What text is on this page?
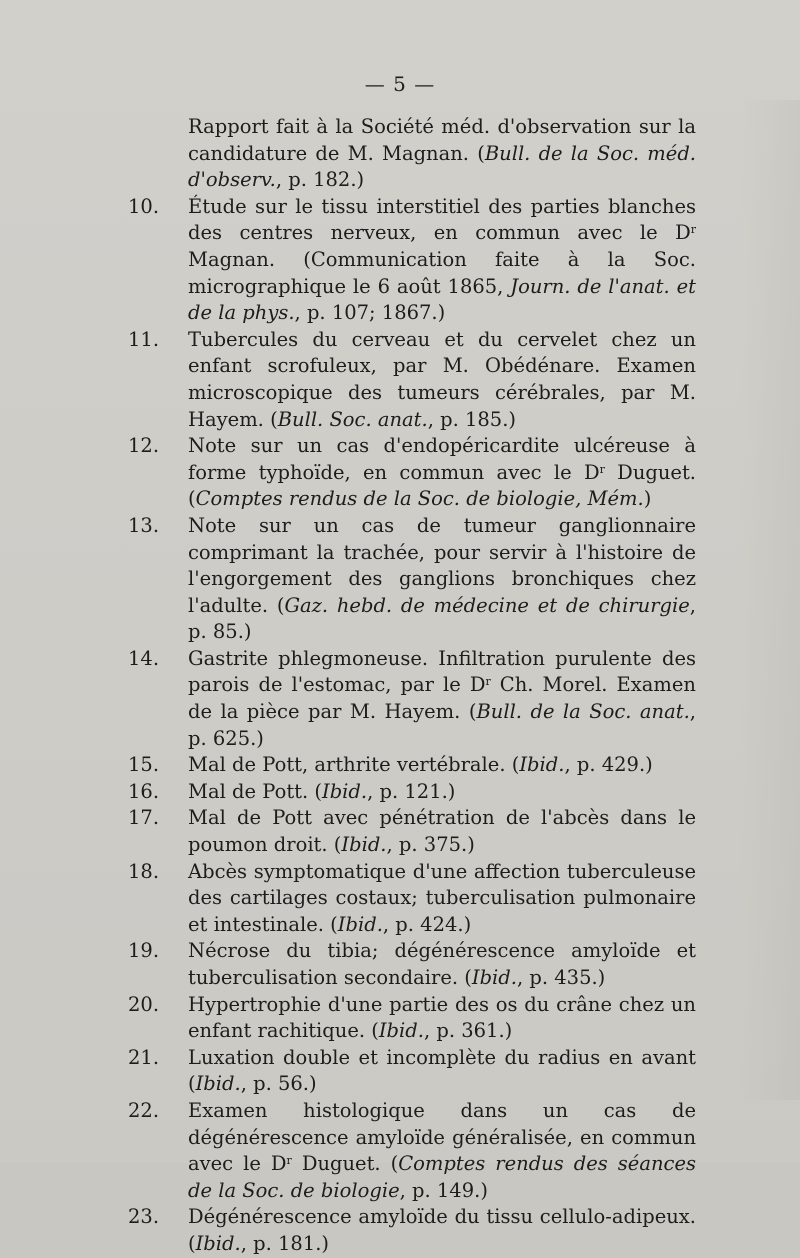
— 5 —
Rapport fait à la Société méd. d'observation sur la candidature de M. Magnan. (Bull. de la Soc. méd. d'observ., p. 182.)
10.	Étude sur le tissu interstitiel des parties blanches des centres nerveux, en commun avec le $D^r$ Magnan. (Communication faite à la Soc. micrographique le 6 août 1865, Journ. de l'anat. et de la phys., p. 107; 1867.)
11.	Tubercules du cerveau et du cervelet chez un enfant scrofuleux, par M. Obédénare. Examen microscopique des tumeurs cérébrales, par M. Hayem. (Bull. Soc. anat., p. 185.)
12.	Note sur un cas d'endopéricardite ulcéreuse à forme typhoïde, en commun avec le $D^r$ Duguet. (Comptes rendus de la Soc. de biologie, Mém.)
13.	Note sur un cas de tumeur ganglionnaire comprimant la trachée, pour servir à l'histoire de l'engorgement des ganglions bronchiques chez l'adulte. (Gaz. hebd. de médecine et de chirurgie, p. 85.)
14.	Gastrite phlegmoneuse. Infiltration purulente des parois de l'estomac, par le $D^r$ Ch. Morel. Examen de la pièce par M. Hayem. (Bull. de la Soc. anat., p. 625.)
15.	Mal de Pott, arthrite vertébrale. (Ibid., p. 429.)
16.	Mal de Pott. (Ibid., p. 121.)
17.	Mal de Pott avec pénétration de l'abcès dans le poumon droit. (Ibid., p. 375.)
18.	Abcès symptomatique d'une affection tuberculeuse des cartilages costaux; tuberculisation pulmonaire et intestinale. (Ibid., p. 424.)
19.	Nécrose du tibia; dégénérescence amyloïde et tuberculisation secondaire. (Ibid., p. 435.)
20.	Hypertrophie d'une partie des os du crâne chez un enfant rachitique. (Ibid., p. 361.)
21.	Luxation double et incomplète du radius en avant (Ibid., p. 56.)
22.	Examen histologique dans un cas de dégénérescence amyloïde généralisée, en commun avec le $D^r$ Duguet. (Comptes rendus des séances de la Soc. de biologie, p. 149.)
23.	Dégénérescence amyloïde du tissu cellulo-adipeux. (Ibid., p. 181.)
